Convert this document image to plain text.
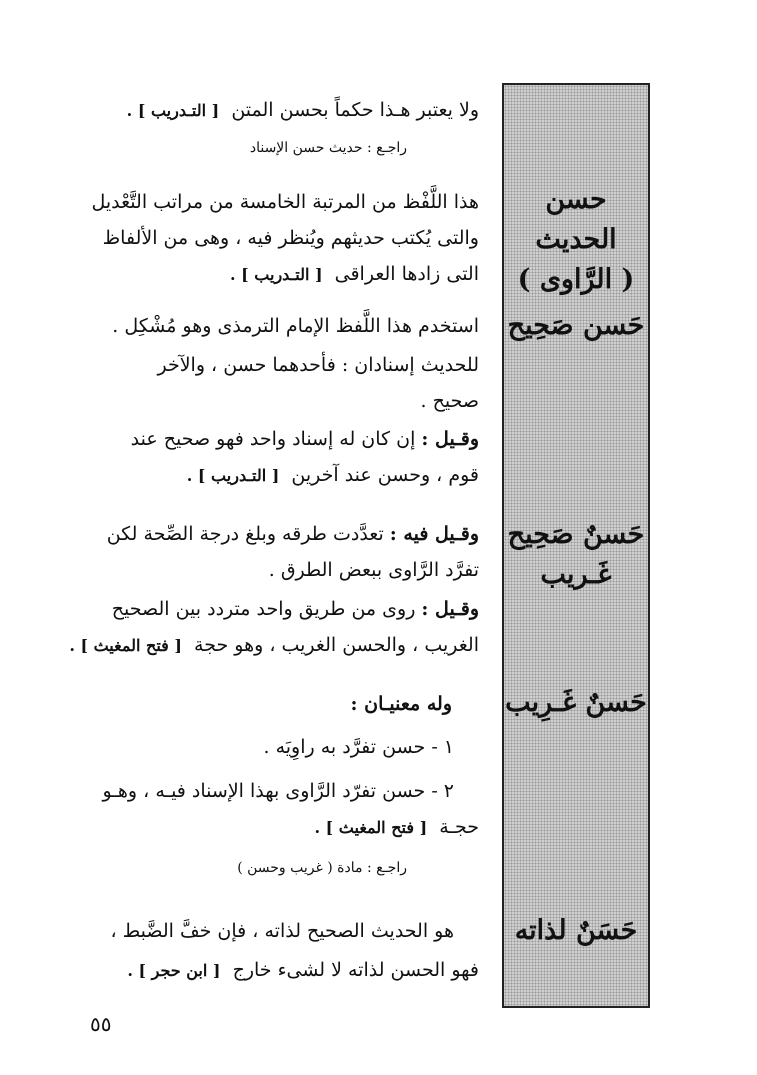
حسن الحديث
( الرَّاوى )
حَسن صَحِيح
حَسنٌ صَحِيح
غَـريب
حَسنٌ غَـرِيب
حَسَنٌ لذاته
ولا يعتبر هـذا حكماً بحسن المتن  [ التـدريب ] .
راجـع : حديث حسن الإسناد
هذا اللَّفْظ من المرتبة الخامسة من مراتب التَّعْديل
والتى يُكتب حديثهم ويُنظر فيه ، وهى من الألفاظ
التى زادها العراقى  [ التـدريب ] .
استخدم هذا اللَّفظ الإمام الترمذى وهو مُشْكِل .
للحديث إسنادان : فأحدهما حسن ، والآخر
صحيح .
وقـيل : إن كان له إسناد واحد فهو صحيح عند
قوم ، وحسن عند آخرين  [ التـدريب ] .
وقـيل فيه : تعدَّدت طرقه وبلغ درجة الصِّحة لكن
تفرَّد الرَّاوى ببعض الطرق .
وقـيل : روى من طريق واحد متردد بين الصحيح
الغريب ، والحسن الغريب ، وهو حجة  [ فتح المغيث ] .
وله معنيـان :
١ - حسن تفرَّد به راوِيَه .
٢ - حسن تفرّد الرَّاوى بهذا الإسناد فيـه ، وهـو
حجـة  [ فتح المغيث ] .
راجـع : مادة ( غريب وحسن )
هو الحديث الصحيح لذاته ، فإن خفَّ الضَّبط ،
فهو الحسن لذاته لا لشىء خارج  [ ابن حجر ] .
٥٥
